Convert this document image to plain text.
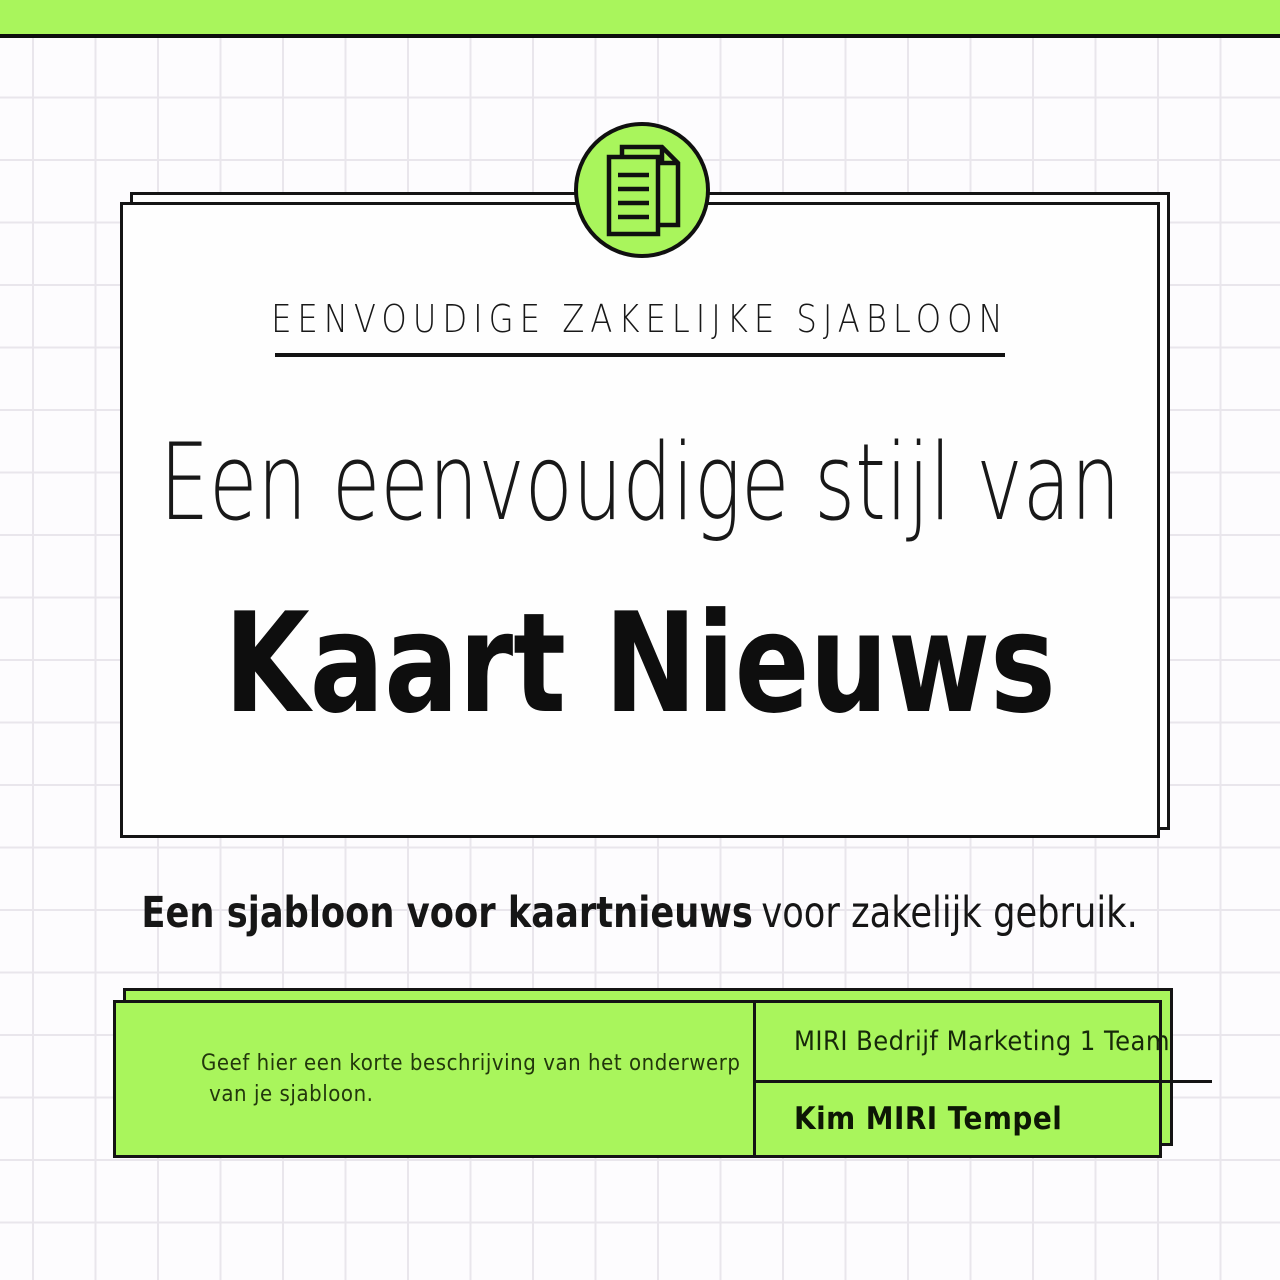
EENVOUDIGE ZAKELIJKE SJABLOON
Een eenvoudige stijl van
Kaart Nieuws
Een sjabloon voor kaartnieuws voor zakelijk gebruik.
Geef hier een korte beschrijving van het onderwerp
van je sjabloon.
MIRI Bedrijf Marketing 1 Team
Kim MIRI Tempel
